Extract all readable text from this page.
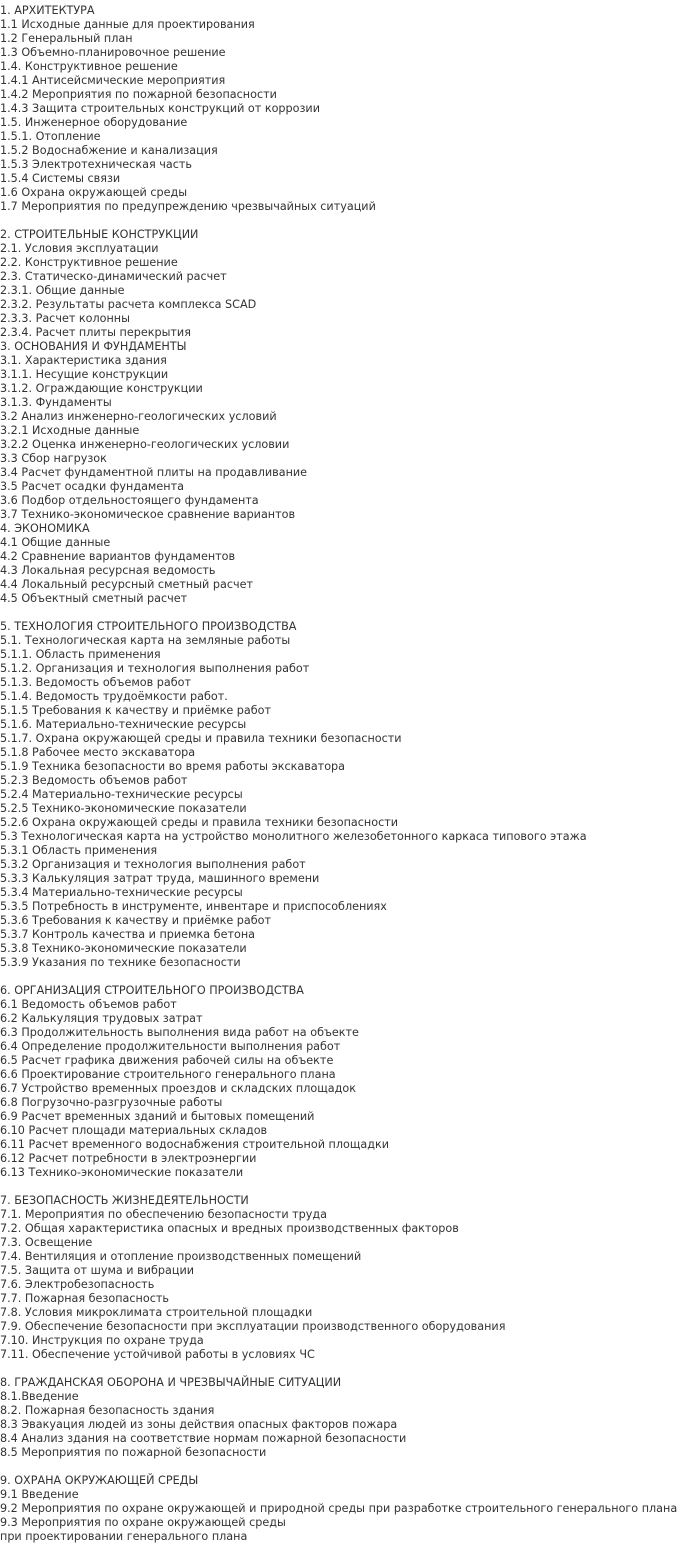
1. АРХИТЕКТУРА
1.1 Исходные данные для проектирования
1.2 Генеральный план
1.3 Объемно-планировочное решение
1.4. Конструктивное решение
1.4.1 Антисейсмические мероприятия
1.4.2 Мероприятия по пожарной безопасности
1.4.3 Защита строительных конструкций от коррозии
1.5. Инженерное оборудование
1.5.1. Отопление
1.5.2 Водоснабжение и канализация
1.5.3 Электротехническая часть
1.5.4 Системы связи
1.6 Охрана окружающей среды
1.7 Мероприятия по предупреждению чрезвычайных ситуаций
2. СТРОИТЕЛЬНЫЕ КОНСТРУКЦИИ
2.1. Условия эксплуатации
2.2. Конструктивное решение
2.3. Статическо-динамический расчет
2.3.1. Общие данные
2.3.2. Результаты расчета комплекса SCAD
2.3.3. Расчет колонны
2.3.4. Расчет плиты перекрытия
3. ОСНОВАНИЯ И ФУНДАМЕНТЫ
3.1. Характеристика здания
3.1.1. Несущие конструкции
3.1.2. Ограждающие конструкции
3.1.3. Фундаменты
3.2 Анализ инженерно-геологических условий
3.2.1 Исходные данные
3.2.2 Оценка инженерно-геологических условии
3.3 Сбор нагрузок
3.4 Расчет фундаментной плиты на продавливание
3.5 Расчет осадки фундамента
3.6 Подбор отдельностоящего фундамента
3.7 Технико-экономическое сравнение вариантов
4. ЭКОНОМИКА
4.1 Общие данные
4.2 Сравнение вариантов фундаментов
4.3 Локальная ресурсная ведомость
4.4 Локальный ресурсный сметный расчет
4.5 Объектный сметный расчет
5. ТЕХНОЛОГИЯ СТРОИТЕЛЬНОГО ПРОИЗВОДСТВА
5.1. Технологическая карта на земляные работы
5.1.1. Область применения
5.1.2. Организация и технология выполнения работ
5.1.3. Ведомость объемов работ
5.1.4. Ведомость трудоёмкости работ.
5.1.5 Требования к качеству и приёмке работ
5.1.6. Материально-технические ресурсы
5.1.7. Охрана окружающей среды и правила техники безопасности
5.1.8 Рабочее место экскаватора
5.1.9 Техника безопасности во время работы экскаватора
5.2.3 Ведомость объемов работ
5.2.4 Материально-технические ресурсы
5.2.5 Технико-экономические показатели
5.2.6 Охрана окружающей среды и правила техники безопасности
5.3 Технологическая карта на устройство монолитного железобетонного каркаса типового этажа
5.3.1 Область применения
5.3.2 Организация и технология выполнения работ
5.3.3 Калькуляция затрат труда, машинного времени
5.3.4 Материально-технические ресурсы
5.3.5 Потребность в инструменте, инвентаре и приспособлениях
5.3.6 Требования к качеству и приёмке работ
5.3.7 Контроль качества и приемка бетона
5.3.8 Технико-экономические показатели
5.3.9 Указания по технике безопасности
6. ОРГАНИЗАЦИЯ СТРОИТЕЛЬНОГО ПРОИЗВОДСТВА
6.1 Ведомость объемов работ
6.2 Калькуляция трудовых затрат
6.3 Продолжительность выполнения вида работ на объекте
6.4 Определение продолжительности выполнения работ
6.5 Расчет графика движения рабочей силы на объекте
6.6 Проектирование строительного генерального плана
6.7 Устройство временных проездов и складских площадок
6.8 Погрузочно-разгрузочные работы
6.9 Расчет временных зданий и бытовых помещений
6.10 Расчет площади материальных складов
6.11 Расчет временного водоснабжения строительной площадки
6.12 Расчет потребности в электроэнергии
6.13 Технико-экономические показатели
7. БЕЗОПАСНОСТЬ ЖИЗНЕДЕЯТЕЛЬНОСТИ
7.1. Мероприятия по обеспечению безопасности труда
7.2. Общая характеристика опасных и вредных производственных факторов
7.3. Освещение
7.4. Вентиляция и отопление производственных помещений
7.5. Защита от шума и вибрации
7.6. Электробезопасность
7.7. Пожарная безопасность
7.8. Условия микроклимата строительной площадки
7.9. Обеспечение безопасности при эксплуатации производственного оборудования
7.10. Инструкция по охране труда
7.11. Обеспечение устойчивой работы в условиях ЧС
8. ГРАЖДАНСКАЯ ОБОРОНА И ЧРЕЗВЫЧАЙНЫЕ СИТУАЦИИ
8.1.Введение
8.2. Пожарная безопасность здания
8.3 Эвакуация людей из зоны действия опасных факторов пожара
8.4 Анализ здания на соответствие нормам пожарной безопасности
8.5 Мероприятия по пожарной безопасности
9. ОХРАНА ОКРУЖАЮЩЕЙ СРЕДЫ
9.1 Введение
9.2 Мероприятия по охране окружающей и природной среды при разработке строительного генерального плана
9.3 Мероприятия по охране окружающей среды
при проектировании генерального плана
